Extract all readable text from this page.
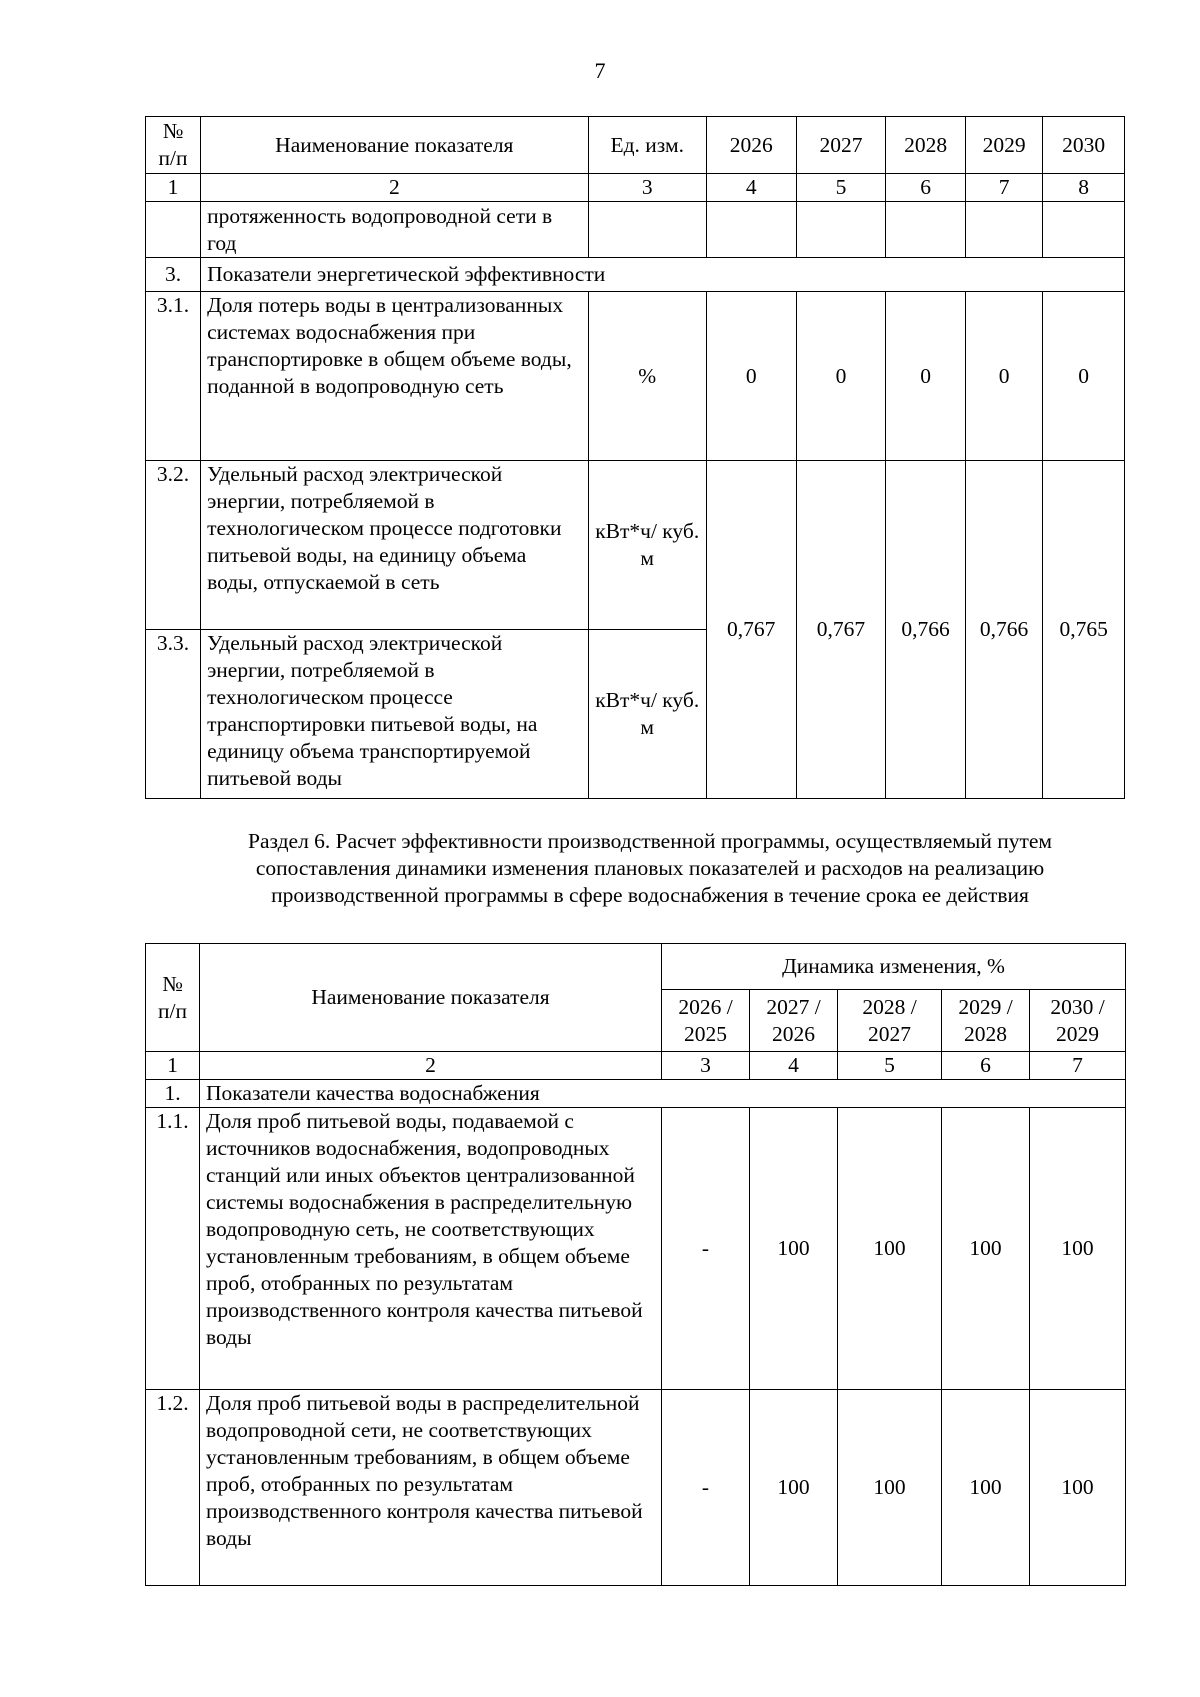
7
№ п/п	Наименование показателя	Ед. изм.	2026	2027	2028	2029	2030
1	2	3	4	5	6	7	8
	протяженность водопроводной сети в год						
3.	Показатели энергетической эффективности						
3.1.	Доля потерь воды в централизованных системах водоснабжения при транспортировке в общем объеме воды, поданной в водопроводную сеть	%	0	0	0	0	0
3.2.	Удельный расход электрической энергии, потребляемой в технологическом процессе подготовки питьевой воды, на единицу объема воды, отпускаемой в сеть	кВт*ч/ куб. м	0,767	0,767	0,766	0,766	0,765
3.3.	Удельный расход электрической энергии, потребляемой в технологическом процессе транспортировки питьевой воды, на единицу объема транспортируемой питьевой воды	кВт*ч/ куб. м					
Раздел 6. Расчет эффективности производственной программы, осуществляемый путем
сопоставления динамики изменения плановых показателей и расходов на реализацию
производственной программы в сфере водоснабжения в течение срока ее действия
№ п/п	Наименование показателя	Динамика изменения, %				
		2026 / 2025	2027 / 2026	2028 / 2027	2029 / 2028	2030 / 2029
1	2	3	4	5	6	7
1.	Показатели качества водоснабжения					
1.1.	Доля проб питьевой воды, подаваемой с источников водоснабжения, водопроводных станций или иных объектов централизованной системы водоснабжения в распределительную водопроводную сеть, не соответствующих установленным требованиям, в общем объеме проб, отобранных по результатам производственного контроля качества питьевой воды	-	100	100	100	100
1.2.	Доля проб питьевой воды в распределительной водопроводной сети, не соответствующих установленным требованиям, в общем объеме проб, отобранных по результатам производственного контроля качества питьевой воды	-	100	100	100	100
